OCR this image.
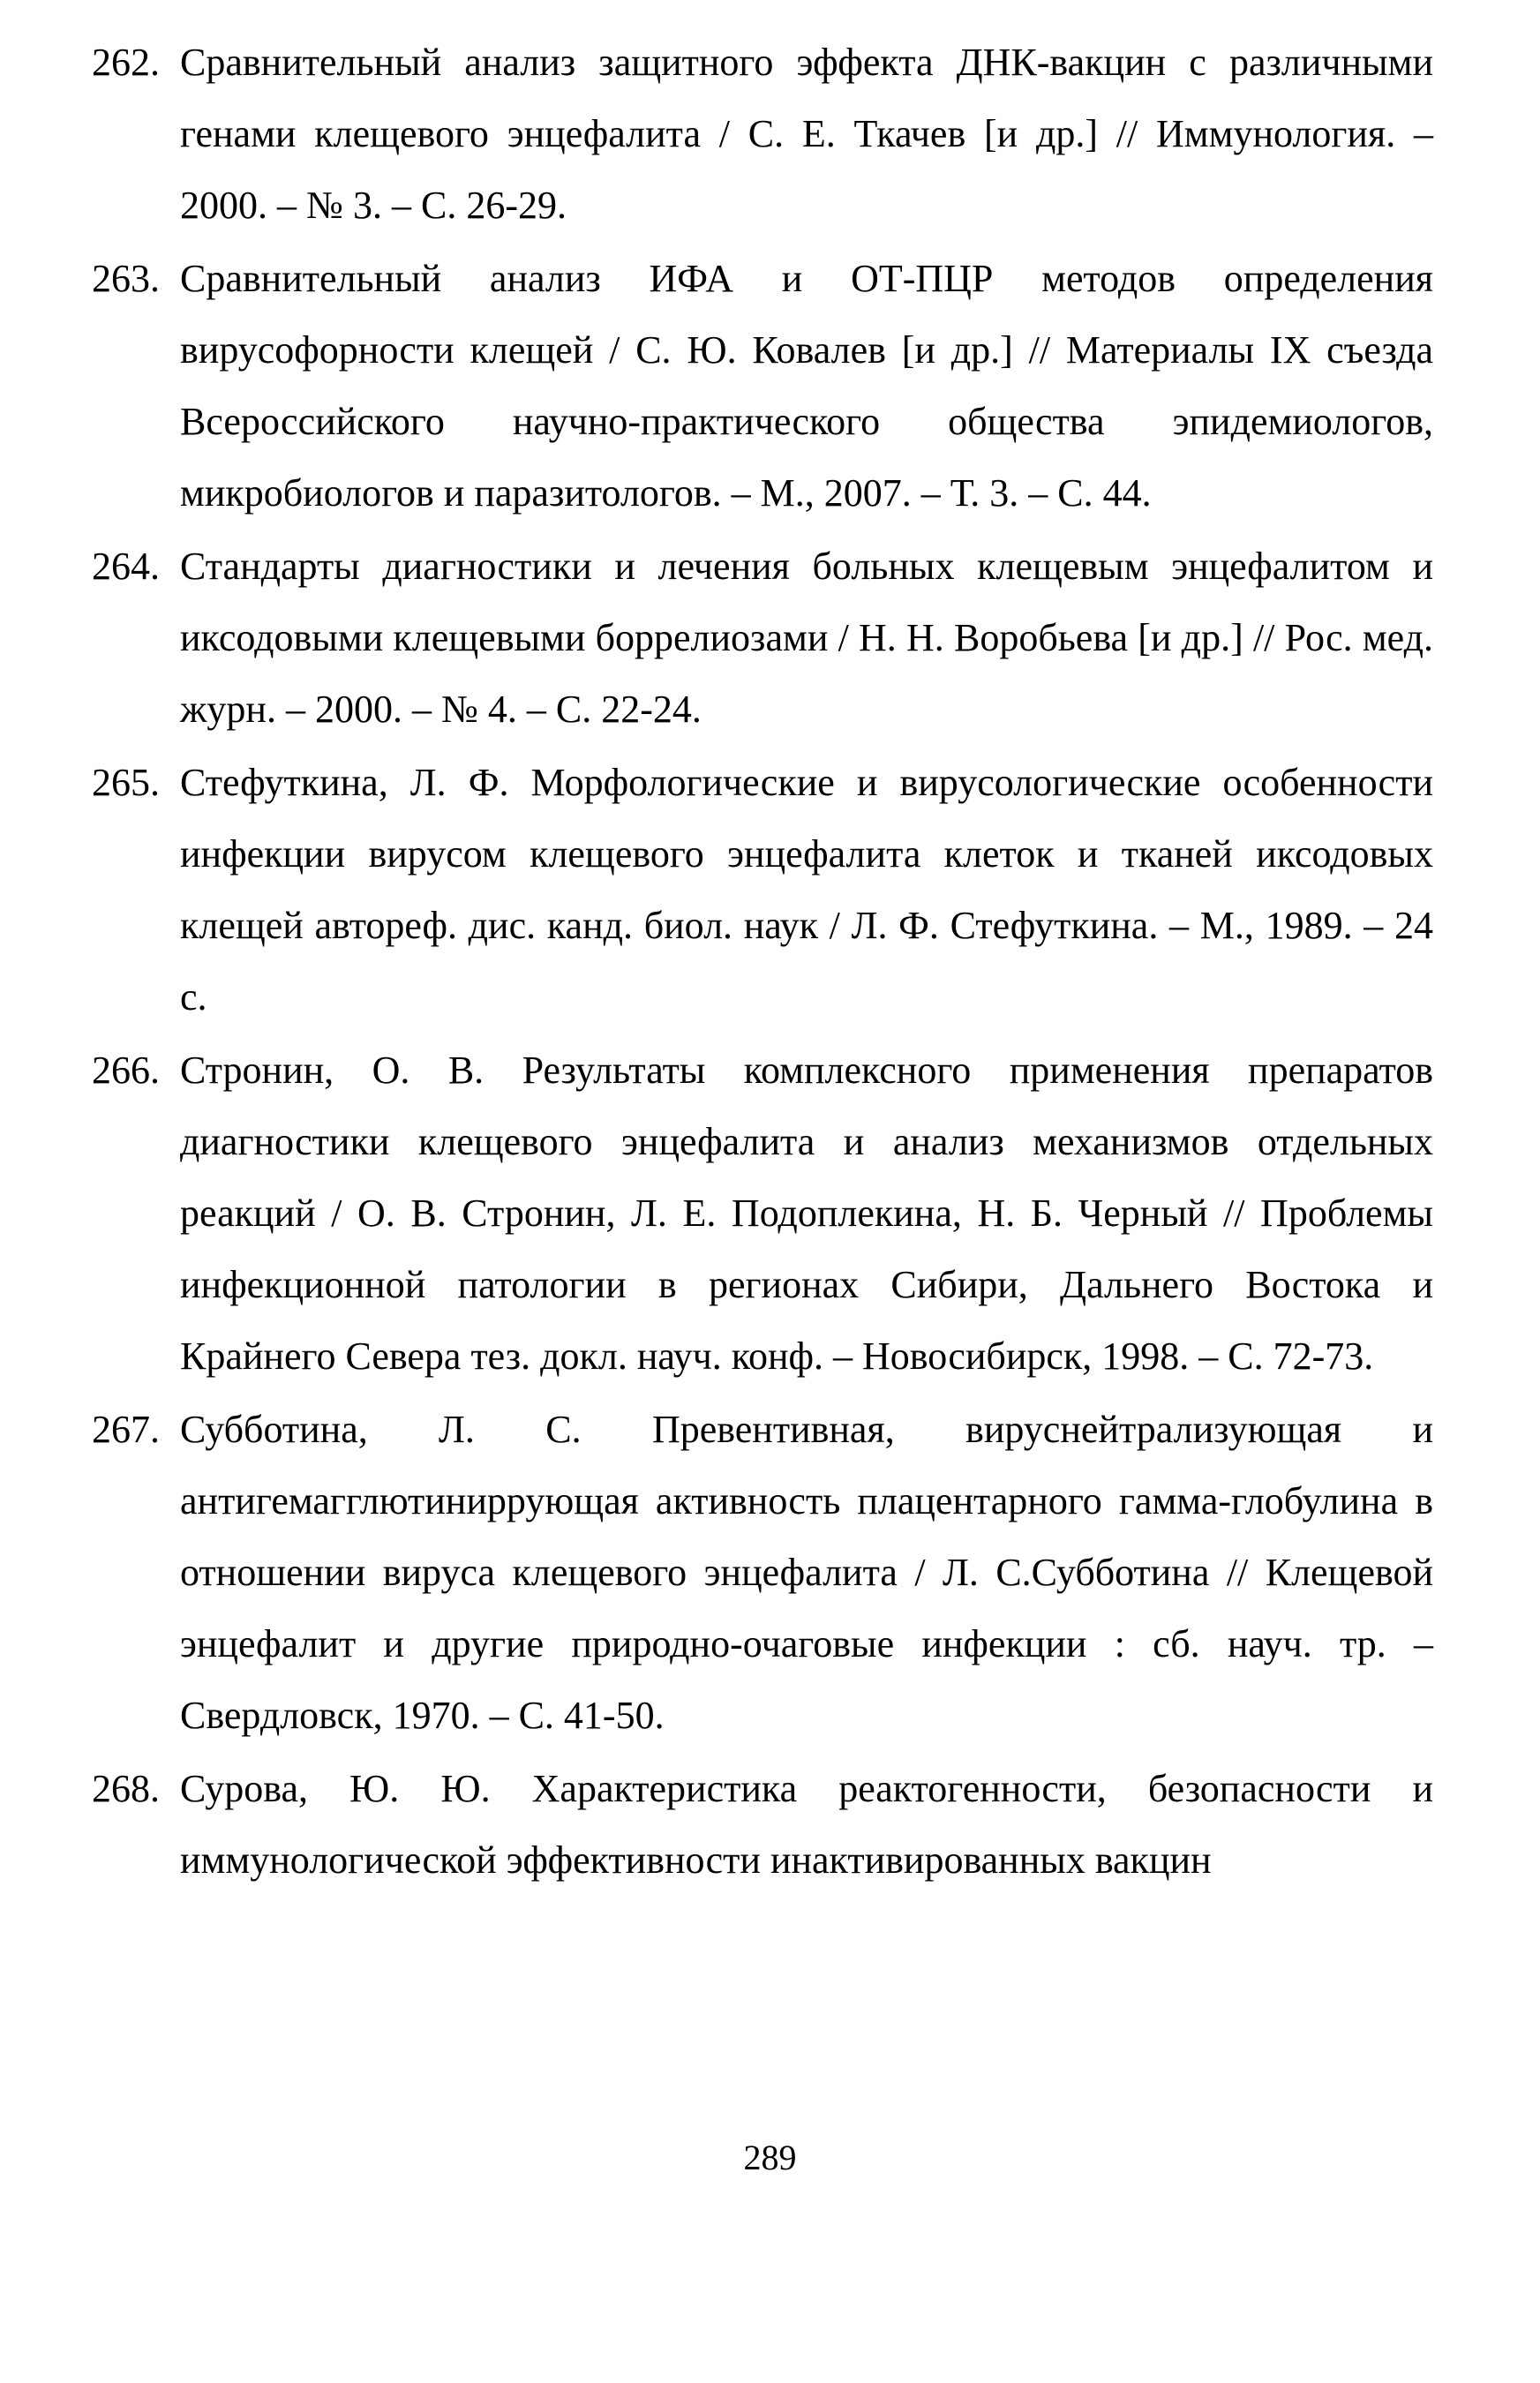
262. Сравнительный анализ защитного эффекта ДНК-вакцин с различными генами клещевого энцефалита / С. Е. Ткачев [и др.] // Иммунология. – 2000. – № 3. – С. 26-29.
263. Сравнительный анализ ИФА и ОТ-ПЦР методов определения вирусофорности клещей / С. Ю. Ковалев [и др.] // Материалы IX съезда Всероссийского научно-практического общества эпидемиологов, микробиологов и паразитологов. – М., 2007. – Т. 3. – С. 44.
264. Стандарты диагностики и лечения больных клещевым энцефалитом и иксодовыми клещевыми боррелиозами / Н. Н. Воробьева [и др.] // Рос. мед. журн. – 2000. – № 4. – С. 22-24.
265. Стефуткина, Л. Ф. Морфологические и вирусологические особенности инфекции вирусом клещевого энцефалита клеток и тканей иксодовых клещей автореф. дис. канд. биол. наук / Л. Ф. Стефуткина. – М., 1989. – 24 с.
266. Стронин, О. В. Результаты комплексного применения препаратов диагностики клещевого энцефалита и анализ механизмов отдельных реакций / О. В. Стронин, Л. Е. Подоплекина, Н. Б. Черный // Проблемы инфекционной патологии в регионах Сибири, Дальнего Востока и Крайнего Севера тез. докл. науч. конф. – Новосибирск, 1998. – С. 72-73.
267. Субботина, Л. С. Превентивная, вируснейтрализующая и антигемагглютиниррующая активность плацентарного гамма-глобулина в отношении вируса клещевого энцефалита / Л. С.Субботина // Клещевой энцефалит и другие природно-очаговые инфекции : сб. науч. тр. – Свердловск, 1970. – С. 41-50.
268. Сурова, Ю. Ю. Характеристика реактогенности, безопасности и иммунологической эффективности инактивированных вакцин
289
